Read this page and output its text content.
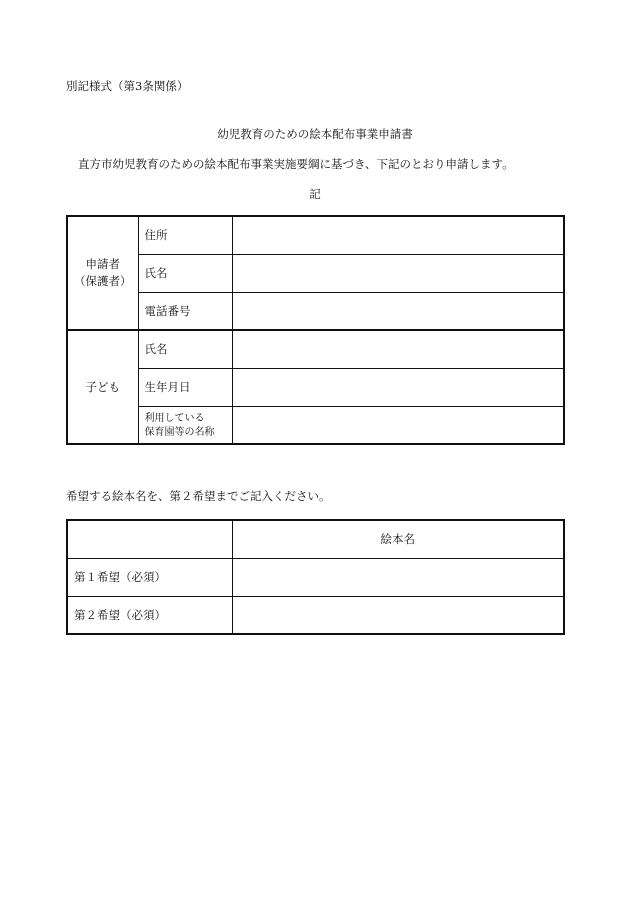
別記様式（第3条関係）
幼児教育のための絵本配布事業申請書
直方市幼児教育のための絵本配布事業実施要綱に基づき、下記のとおり申請します。
記
申請者
（保護者）	住所	
	氏名	
	電話番号	
子ども	氏名	
	生年月日	
	利用している
保育園等の名称	
希望する絵本名を、第２希望までご記入ください。
	絵本名
第１希望（必須）	
第２希望（必須）	
